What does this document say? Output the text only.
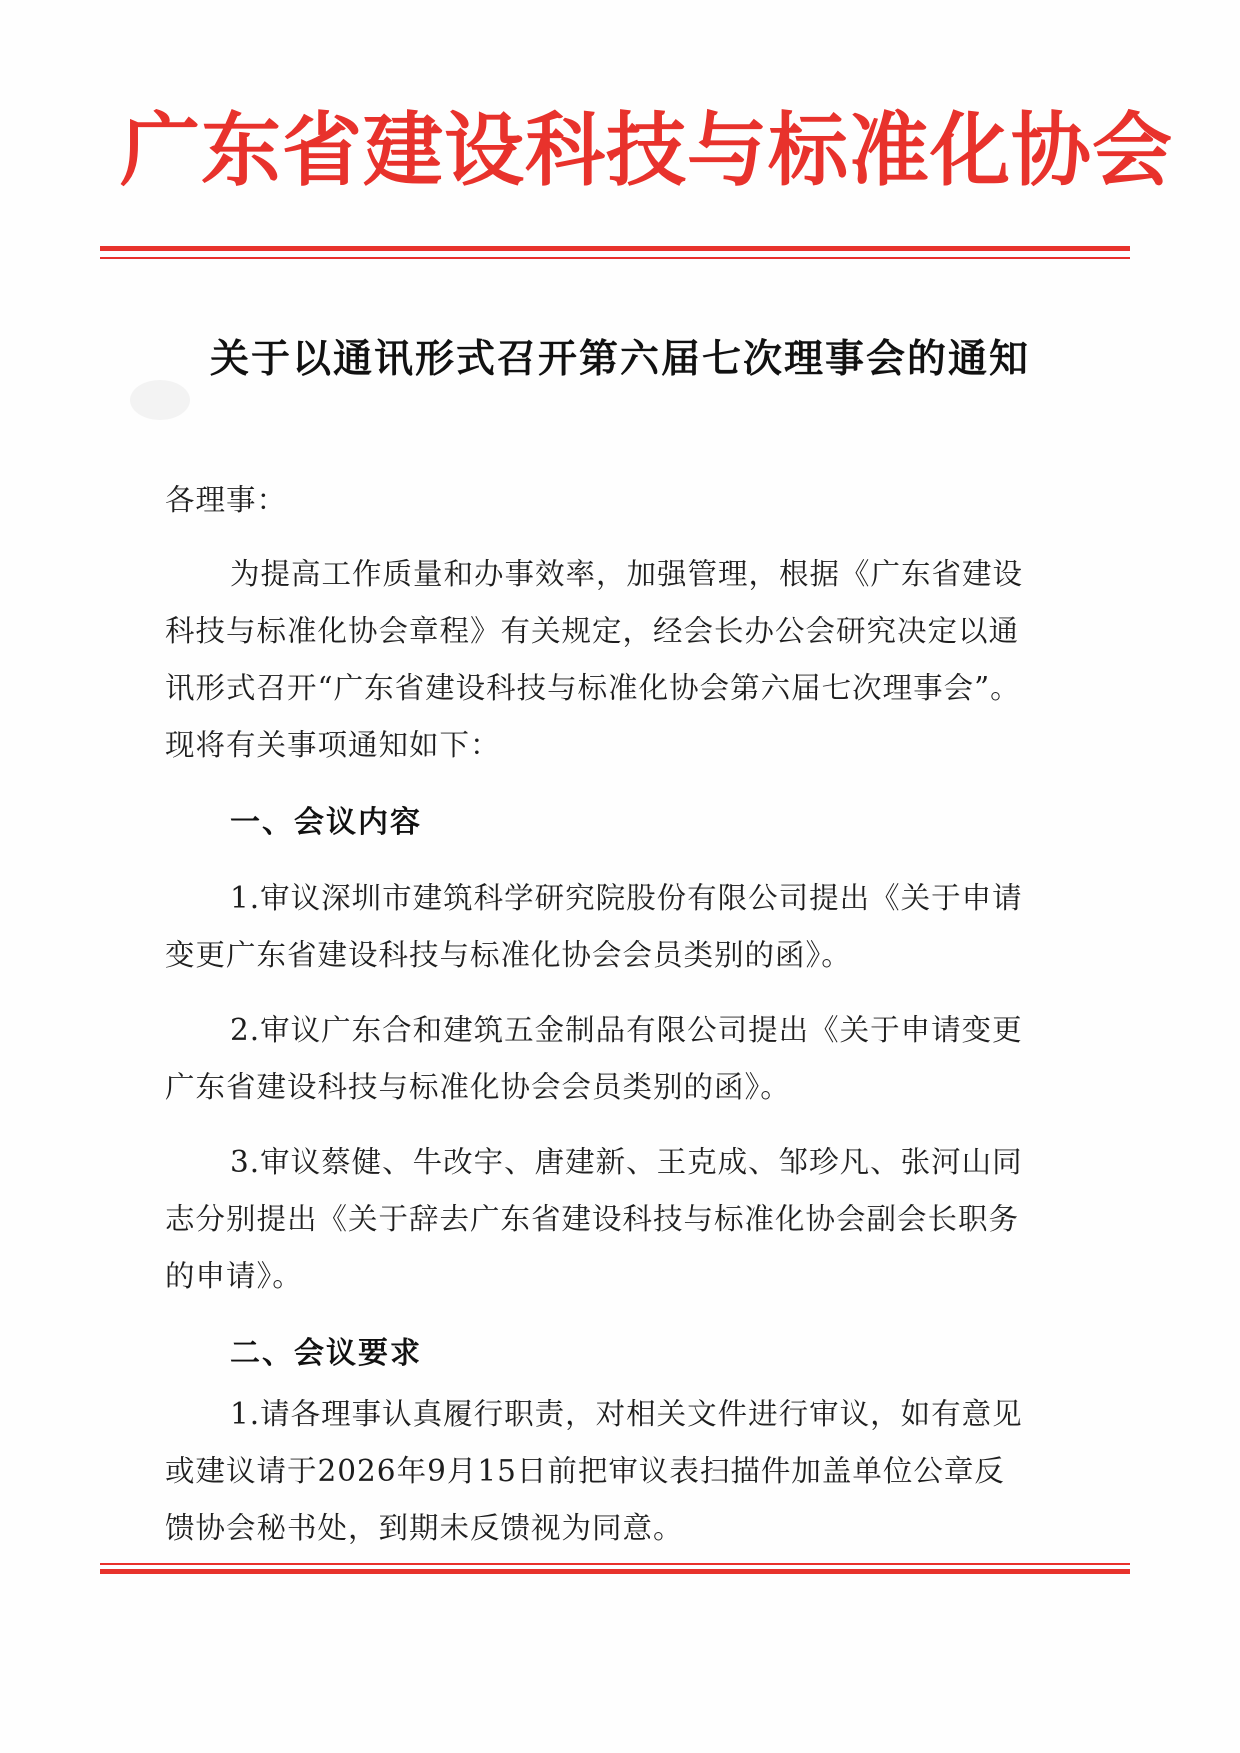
广东省建设科技与标准化协会
关于以通讯形式召开第六届七次理事会的通知
各理事：
为提高工作质量和办事效率，加强管理，根据《广东省建设
科技与标准化协会章程》有关规定，经会长办公会研究决定以通
讯形式召开“广东省建设科技与标准化协会第六届七次理事会”。
现将有关事项通知如下：
一、会议内容
1.审议深圳市建筑科学研究院股份有限公司提出《关于申请
变更广东省建设科技与标准化协会会员类别的函》。
2.审议广东合和建筑五金制品有限公司提出《关于申请变更
广东省建设科技与标准化协会会员类别的函》。
3.审议蔡健、牛改宇、唐建新、王克成、邹珍凡、张河山同
志分别提出《关于辞去广东省建设科技与标准化协会副会长职务
的申请》。
二、会议要求
1.请各理事认真履行职责，对相关文件进行审议，如有意见
或建议请于2026年9月15日前把审议表扫描件加盖单位公章反
馈协会秘书处，到期未反馈视为同意。
